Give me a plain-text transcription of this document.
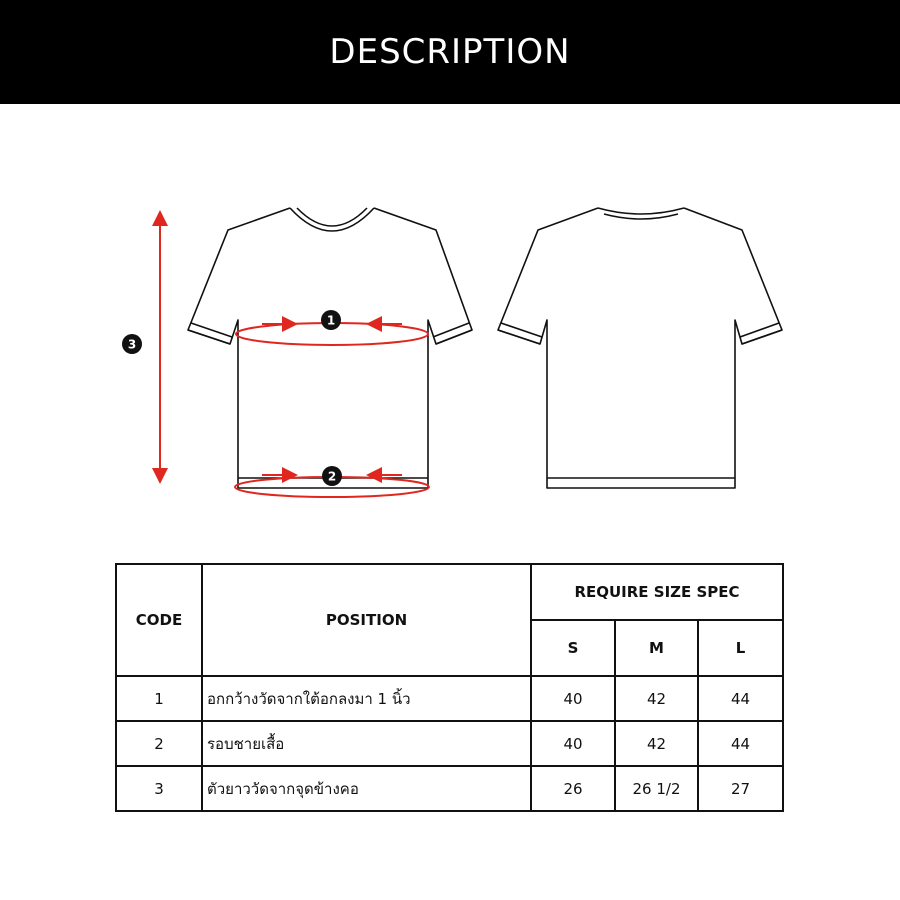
DESCRIPTION
1
2
3
CODE	POSITION	REQUIRE SIZE SPEC		
		S	M	L
1	อกกว้างวัดจากใต้อกลงมา 1 นิ้ว	40	42	44
2	รอบชายเสื้อ	40	42	44
3	ตัวยาววัดจากจุดข้างคอ	26	26 1/2	27
